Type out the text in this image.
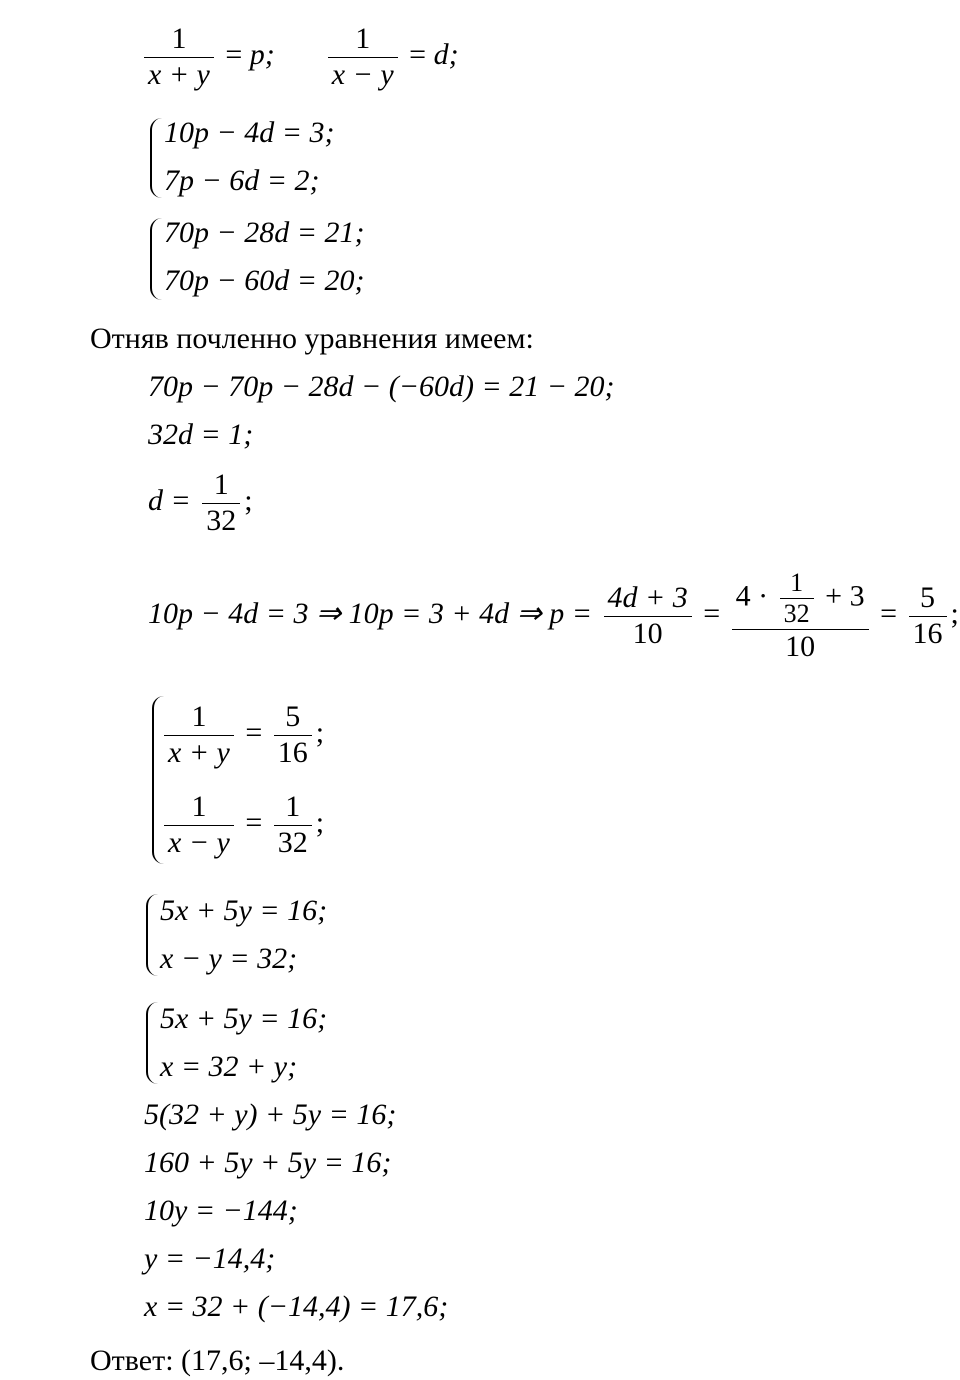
$\frac{1}{x + y} = p$; $\frac{1}{x - y} = d$;
10p − 4d = 3;
7p − 6d = 2;
70p − 28d = 21;
70p − 60d = 20;
Отняв почленно уравнения имеем:
70p − 70p − 28d − (−60d) = 21 − 20;
32d = 1;
$d = \frac{1}{32}$ ;
10p − 4d = 3 ⇒ 10p = 3 + 4d ⇒ $p = \frac{4d + 3}{10} = \frac{4 \cdot \frac{1}{32} + 3}{10} = \frac{5}{16}$ ;
$\frac{1}{x + y} = \frac{5}{16}$ ;
$\frac{1}{x - y} = \frac{1}{32}$ ;
5x + 5y = 16;
x − y = 32;
5x + 5y = 16;
x = 32 + y;
5(32 + y) + 5y = 16;
160 + 5y + 5y = 16;
10y = −144;
y = −14,4;
x = 32 + (−14,4) = 17,6;
Ответ: (17,6; –14,4).
